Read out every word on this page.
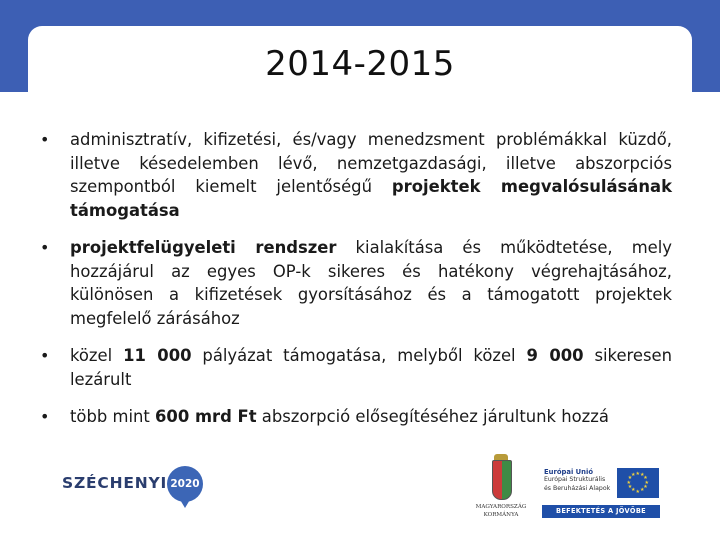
2014-2015
• adminisztratív, kifizetési, és/vagy menedzsment problémákkal küzdő, illetve késedelemben lévő, nemzetgazdasági, illetve abszorpciós szempontból kiemelt jelentőségű projektek megvalósulásának támogatása
• projektfelügyeleti rendszer kialakítása és működtetése, mely hozzájárul az egyes OP-k sikeres és hatékony végrehajtásához, különösen a kifizetések gyorsításához és a támogatott projektek megfelelő zárásához
• közel 11 000 pályázat támogatása, melyből közel 9 000 sikeresen lezárult
• több mint 600 mrd Ft abszorpció elősegítéséhez járultunk hozzá
SZÉCHENYI 2020
MAGYARORSZÁG
KORMÁNYA
Európai Unió
Európai Strukturális
és Beruházási Alapok
★
★
★
★
★
★
★
★
★ ★ ★
★
BEFEKTETÉS A JÖVŐBE
